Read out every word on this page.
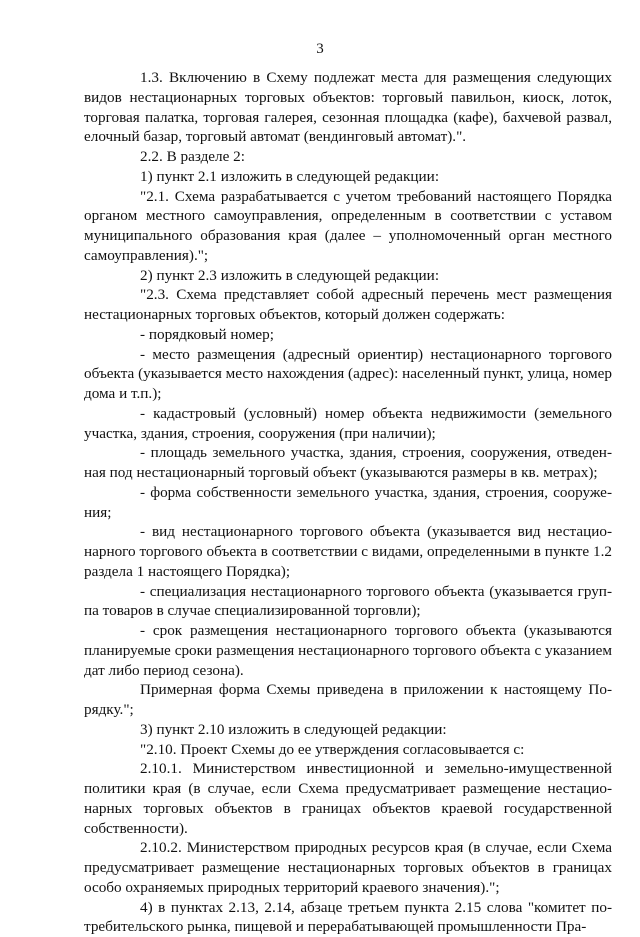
3

1.3. Включению в Схему подлежат места для размещения следующих видов нестационарных торговых объектов: торговый павильон, киоск, лоток, торговая палатка, торговая галерея, сезонная площадка (кафе), бахчевой развал, елочный базар, торговый автомат (вендинговый автомат).".

2.2. В разделе 2:

1) пункт 2.1 изложить в следующей редакции:

"2.1. Схема разрабатывается с учетом требований настоящего Порядка органом местного самоуправления, определенным в соответствии с уставом муниципального образования края (далее – уполномоченный орган местного самоуправления).";

2) пункт 2.3 изложить в следующей редакции:

"2.3. Схема представляет собой адресный перечень мест размещения нестационарных торговых объектов, который должен содержать:

- порядковый номер;

- место размещения (адресный ориентир) нестационарного торгового объекта (указывается место нахождения (адрес): населенный пункт, улица, номер дома и т.п.);

- кадастровый (условный) номер объекта недвижимости (земельного участка, здания, строения, сооружения (при наличии);

- площадь земельного участка, здания, строения, сооружения, отведенная под нестационарный торговый объект (указываются размеры в кв. метрах);

- форма собственности земельного участка, здания, строения, сооружения;

- вид нестационарного торгового объекта (указывается вид нестационарного торгового объекта в соответствии с видами, определенными в пункте 1.2 раздела 1 настоящего Порядка);

- специализация нестационарного торгового объекта (указывается группа товаров в случае специализированной торговли);

- срок размещения нестационарного торгового объекта (указываются планируемые сроки размещения нестационарного торгового объекта с указанием дат либо период сезона).

Примерная форма Схемы приведена в приложении к настоящему Порядку.";

3) пункт 2.10 изложить в следующей редакции:

"2.10. Проект Схемы до ее утверждения согласовывается с:

2.10.1. Министерством инвестиционной и земельно-имущественной политики края (в случае, если Схема предусматривает размещение нестационарных торговых объектов в границах объектов краевой государственной собственности).

2.10.2. Министерством природных ресурсов края (в случае, если Схема предусматривает размещение нестационарных торговых объектов в границах особо охраняемых природных территорий краевого значения).";

4) в пунктах 2.13, 2.14, абзаце третьем пункта 2.15 слова "комитет потребительского рынка, пищевой и перерабатывающей промышленности Пра-
